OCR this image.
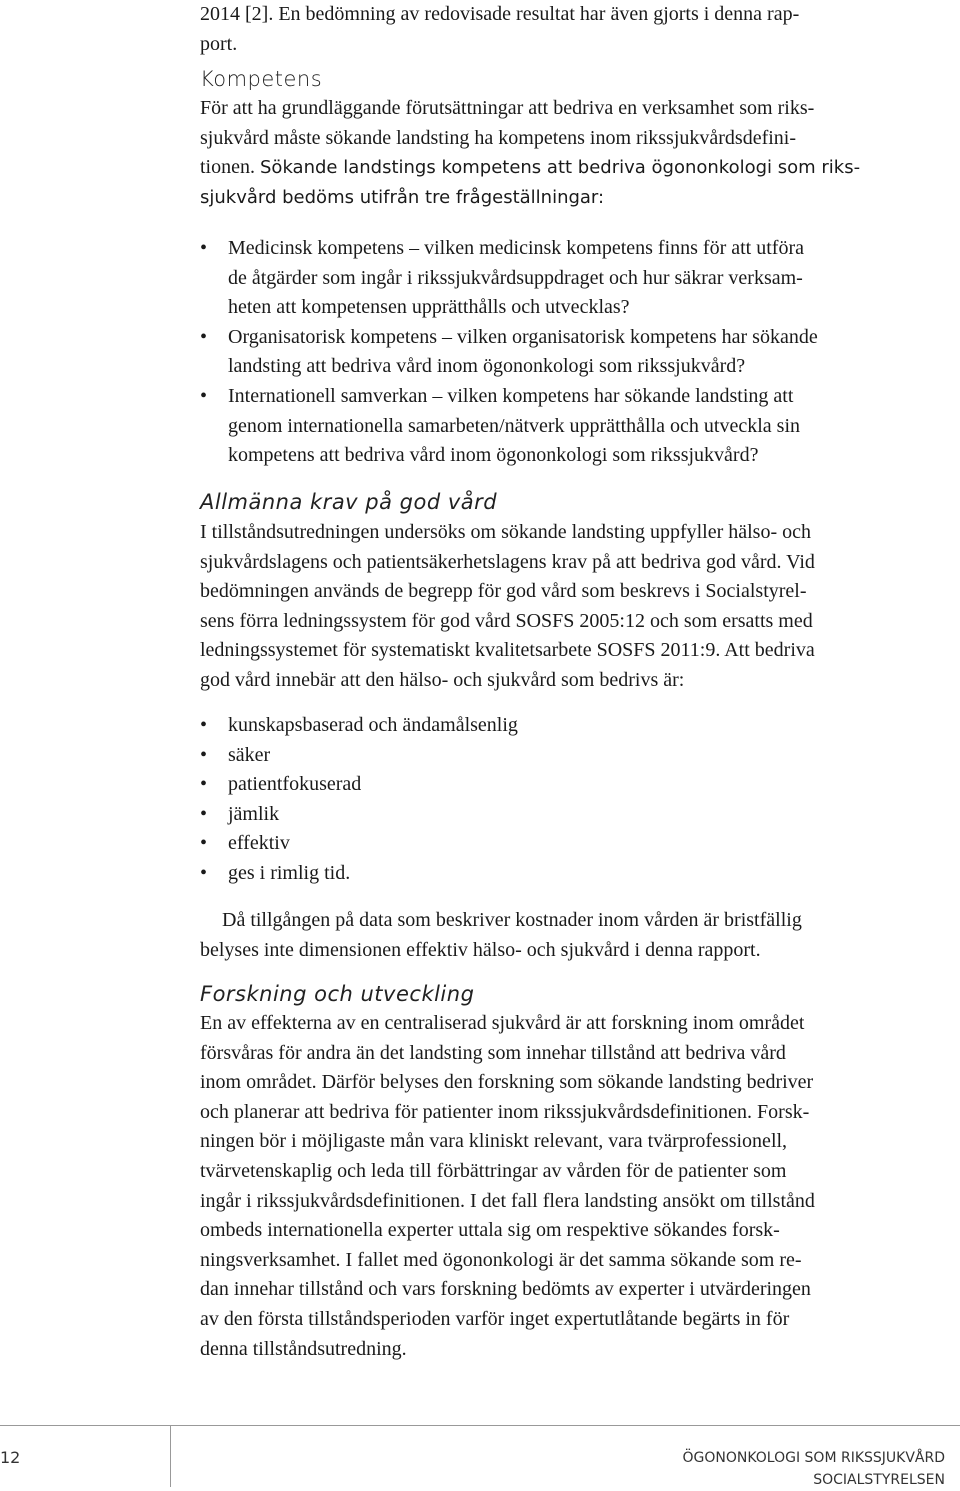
2014 [2]. En bedömning av redovisade resultat har även gjorts i denna rap-
port.
Kompetens
För att ha grundläggande förutsättningar att bedriva en verksamhet som riks-
sjukvård måste sökande landsting ha kompetens inom rikssjukvårdsdefini-
tionen. Sökande landstings kompetens att bedriva ögononkologi som riks-
sjukvård bedöms utifrån tre frågeställningar:
• Medicinsk kompetens – vilken medicinsk kompetens finns för att utföra
de åtgärder som ingår i rikssjukvårdsuppdraget och hur säkrar verksam-
heten att kompetensen upprätthålls och utvecklas?
• Organisatorisk kompetens – vilken organisatorisk kompetens har sökande
landsting att bedriva vård inom ögononkologi som rikssjukvård?
• Internationell samverkan – vilken kompetens har sökande landsting att
genom internationella samarbeten/nätverk upprätthålla och utveckla sin
kompetens att bedriva vård inom ögononkologi som rikssjukvård?
Allmänna krav på god vård
I tillståndsutredningen undersöks om sökande landsting uppfyller hälso- och
sjukvårdslagens och patientsäkerhetslagens krav på att bedriva god vård. Vid
bedömningen används de begrepp för god vård som beskrevs i Socialstyrel-
sens förra ledningssystem för god vård SOSFS 2005:12 och som ersatts med
ledningssystemet för systematiskt kvalitetsarbete SOSFS 2011:9. Att bedriva
god vård innebär att den hälso- och sjukvård som bedrivs är:
• kunskapsbaserad och ändamålsenlig
• säker
• patientfokuserad
• jämlik
• effektiv
• ges i rimlig tid.
Då tillgången på data som beskriver kostnader inom vården är bristfällig
belyses inte dimensionen effektiv hälso- och sjukvård i denna rapport.
Forskning och utveckling
En av effekterna av en centraliserad sjukvård är att forskning inom området
försvåras för andra än det landsting som innehar tillstånd att bedriva vård
inom området. Därför belyses den forskning som sökande landsting bedriver
och planerar att bedriva för patienter inom rikssjukvårdsdefinitionen. Forsk-
ningen bör i möjligaste mån vara kliniskt relevant, vara tvärprofessionell,
tvärvetenskaplig och leda till förbättringar av vården för de patienter som
ingår i rikssjukvårdsdefinitionen. I det fall flera landsting ansökt om tillstånd
ombeds internationella experter uttala sig om respektive sökandes forsk-
ningsverksamhet. I fallet med ögononkologi är det samma sökande som re-
dan innehar tillstånd och vars forskning bedömts av experter i utvärderingen
av den första tillståndsperioden varför inget expertutlåtande begärts in för
denna tillståndsutredning.
12	ÖGONONKOLOGI SOM RIKSSJUKVÅRD
SOCIALSTYRELSEN
